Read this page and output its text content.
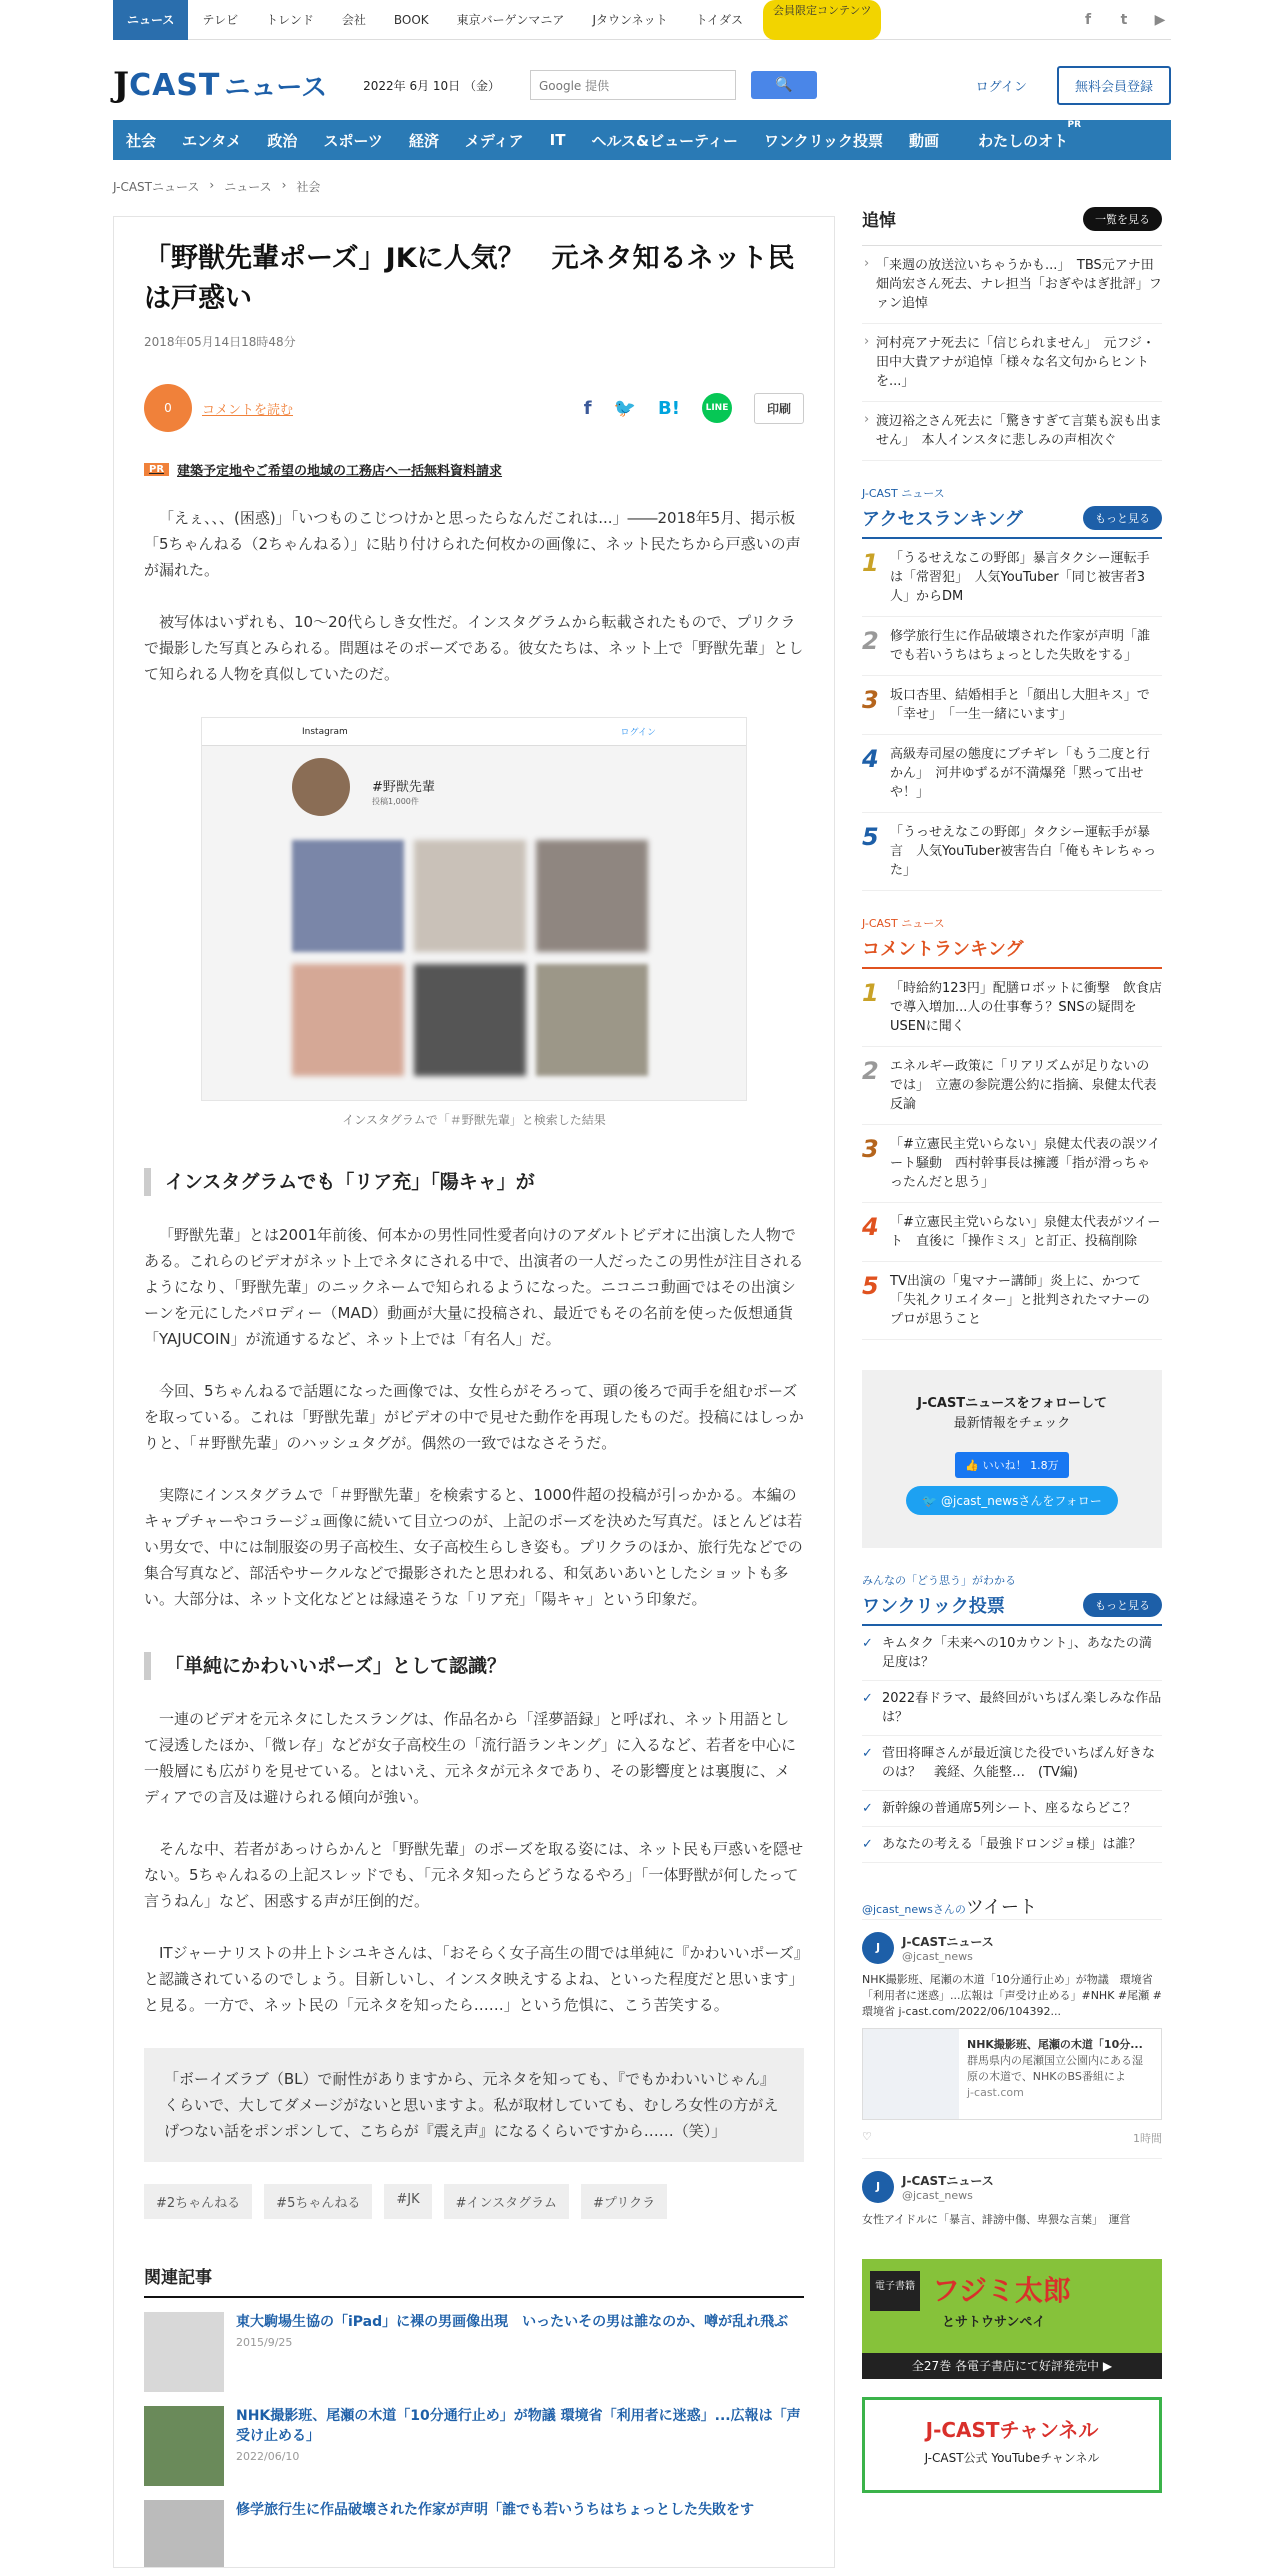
ニュース	テレビ	トレンド	会社	BOOK	東京バーゲンマニア	Jタウンネット	トイダス
会員限定コンテンツ
f	t	▶
J CAST ニュース	2022年 6月 10日 （金）	Google 提供	🔍	ログイン	無料会員登録
社会	エンタメ	政治	スポーツ	経済	メディア	IT	ヘルス&ビューティー	ワンクリック投票	動画	わたしのオト
PR
J-CASTニュース › ニュース › 社会
「野獣先輩ポーズ」JKに人気？　元ネタ知るネット民は戸惑い
2018年05月14日18時48分
0	コメントを読む	f 🐦 B!	LINE	印刷
PR	建築予定地やご希望の地域の工務店へ一括無料資料請求

「えぇ、、、(困惑)」「いつものこじつけかと思ったらなんだこれは...」――2018年5月、掲示板「5ちゃんねる（2ちゃんねる）」に貼り付けられた何枚かの画像に、ネット民たちから戸惑いの声が漏れた。

被写体はいずれも、10～20代らしき女性だ。インスタグラムから転載されたもので、プリクラで撮影した写真とみられる。問題はそのポーズである。彼女たちは、ネット上で「野獣先輩」として知られる人物を真似していたのだ。

Instagram	ログイン
#野獣先輩
投稿1,000件
インスタグラムで「＃野獣先輩」と検索した結果
インスタグラムでも「リア充」「陽キャ」が

「野獣先輩」とは2001年前後、何本かの男性同性愛者向けのアダルトビデオに出演した人物である。これらのビデオがネット上でネタにされる中で、出演者の一人だったこの男性が注目されるようになり、「野獣先輩」のニックネームで知られるようになった。ニコニコ動画ではその出演シーンを元にしたパロディー（MAD）動画が大量に投稿され、最近でもその名前を使った仮想通貨「YAJUCOIN」が流通するなど、ネット上では「有名人」だ。

今回、5ちゃんねるで話題になった画像では、女性らがそろって、頭の後ろで両手を組むポーズを取っている。これは「野獣先輩」がビデオの中で見せた動作を再現したものだ。投稿にはしっかりと、「＃野獣先輩」のハッシュタグが。偶然の一致ではなさそうだ。

実際にインスタグラムで「＃野獣先輩」を検索すると、1000件超の投稿が引っかかる。本編のキャプチャーやコラージュ画像に続いて目立つのが、上記のポーズを決めた写真だ。ほとんどは若い男女で、中には制服姿の男子高校生、女子高校生らしき姿も。プリクラのほか、旅行先などでの集合写真など、部活やサークルなどで撮影されたと思われる、和気あいあいとしたショットも多い。大部分は、ネット文化などとは縁遠そうな「リア充」「陽キャ」という印象だ。

「単純にかわいいポーズ」として認識？

一連のビデオを元ネタにしたスラングは、作品名から「淫夢語録」と呼ばれ、ネット用語として浸透したほか、「微レ存」などが女子高校生の「流行語ランキング」に入るなど、若者を中心に一般層にも広がりを見せている。とはいえ、元ネタが元ネタであり、その影響度とは裏腹に、メディアでの言及は避けられる傾向が強い。

そんな中、若者があっけらかんと「野獣先輩」のポーズを取る姿には、ネット民も戸惑いを隠せない。5ちゃんねるの上記スレッドでも、「元ネタ知ったらどうなるやろ」「一体野獣が何したって言うねん」など、困惑する声が圧倒的だ。

ITジャーナリストの井上トシユキさんは、「おそらく女子高生の間では単純に『かわいいポーズ』と認識されているのでしょう。目新しいし、インスタ映えするよね、といった程度だと思います」と見る。一方で、ネット民の「元ネタを知ったら……」という危惧に、こう苦笑する。

「ボーイズラブ（BL）で耐性がありますから、元ネタを知っても、『でもかわいいじゃん』くらいで、大してダメージがないと思いますよ。私が取材していても、むしろ女性の方がえげつない話をポンポンして、こちらが『震え声』になるくらいですから……（笑）」
#2ちゃんねる	#5ちゃんねる	#JK	#インスタグラム	#プリクラ
関連記事
東大駒場生協の「iPad」に裸の男画像出現　いったいその男は誰なのか、噂が乱れ飛ぶ
2015/9/25
NHK撮影班、尾瀬の木道「10分通行止め」が物議 環境省「利用者に迷惑」...広報は「声受け止める」
2022/06/10
修学旅行生に作品破壊された作家が声明「誰でも若いうちはちょっとした失敗をす
追悼	一覧を見る
› 「来週の放送泣いちゃうかも...」　TBS元アナ田畑尚宏さん死去、ナレ担当「おぎやはぎ批評」ファン追悼
› 河村亮アナ死去に「信じられません」　元フジ・田中大貴アナが追悼「様々な名文句からヒントを...」
› 渡辺裕之さん死去に「驚きすぎて言葉も涙も出ません」　本人インスタに悲しみの声相次ぐ
J-CAST ニュース
アクセスランキング	もっと見る
1 「うるせえなこの野郎」暴言タクシー運転手は「常習犯」　人気YouTuber「同じ被害者3人」からDM
2 修学旅行生に作品破壊された作家が声明「誰でも若いうちはちょっとした失敗をする」
3 坂口杏里、結婚相手と「顔出し大胆キス」で「幸せ」　「一生一緒にいます」
4 高級寿司屋の態度にブチギレ「もう二度と行かん」　河井ゆずるが不満爆発「黙って出せや！」
5 「うっせえなこの野郎」タクシー運転手が暴言　人気YouTuber被害告白「俺もキレちゃった」
J-CAST ニュース
コメントランキング
1 「時給約123円」配膳ロボットに衝撃　飲食店で導入増加...人の仕事奪う？SNSの疑問をUSENに聞く
2 エネルギー政策に「リアリズムが足りないのでは」　立憲の参院選公約に指摘、泉健太代表反論
3 「#立憲民主党いらない」泉健太代表の誤ツイート騒動　西村幹事長は擁護「指が滑っちゃったんだと思う」
4 「#立憲民主党いらない」泉健太代表がツイート　直後に「操作ミス」と訂正、投稿削除
5 TV出演の「鬼マナー講師」炎上に、かつて「失礼クリエイター」と批判されたマナーのプロが思うこと
J-CASTニュースをフォローして
最新情報をチェック
👍 いいね！ 1.8万
🐦 @jcast_newsさんをフォロー
みんなの「どう思う」がわかる
ワンクリック投票	もっと見る
✓ キムタク「未来への10カウント」、あなたの満足度は？
✓ 2022春ドラマ、最終回がいちばん楽しみな作品は？
✓ 菅田将暉さんが最近演じた役でいちばん好きなのは？　義経、久能整…　(TV編)
✓ 新幹線の普通席5列シート、座るならどこ？
✓ あなたの考える「最強ドロンジョ様」は誰？
@jcast_newsさんのツイート
J	J-CASTニュース
@jcast_news
NHK撮影班、尾瀬の木道「10分通行止め」が物議　環境省「利用者に迷惑」...広報は「声受け止める」#NHK #尾瀬 #環境省 j-cast.com/2022/06/104392...
NHK撮影班、尾瀬の木道「10分...
群馬県内の尾瀬国立公園内にある湿原の木道で、NHKのBS番組によ
j-cast.com
♡	1時間
J	J-CASTニュース
@jcast_news
女性アイドルに「暴言、誹謗中傷、卑猥な言葉」　運営
電子書籍 フジミ太郎
とサトウサンペイ
全27巻 各電子書店にて好評発売中 ▶
J-CASTチャンネル
J-CAST公式 YouTubeチャンネル
